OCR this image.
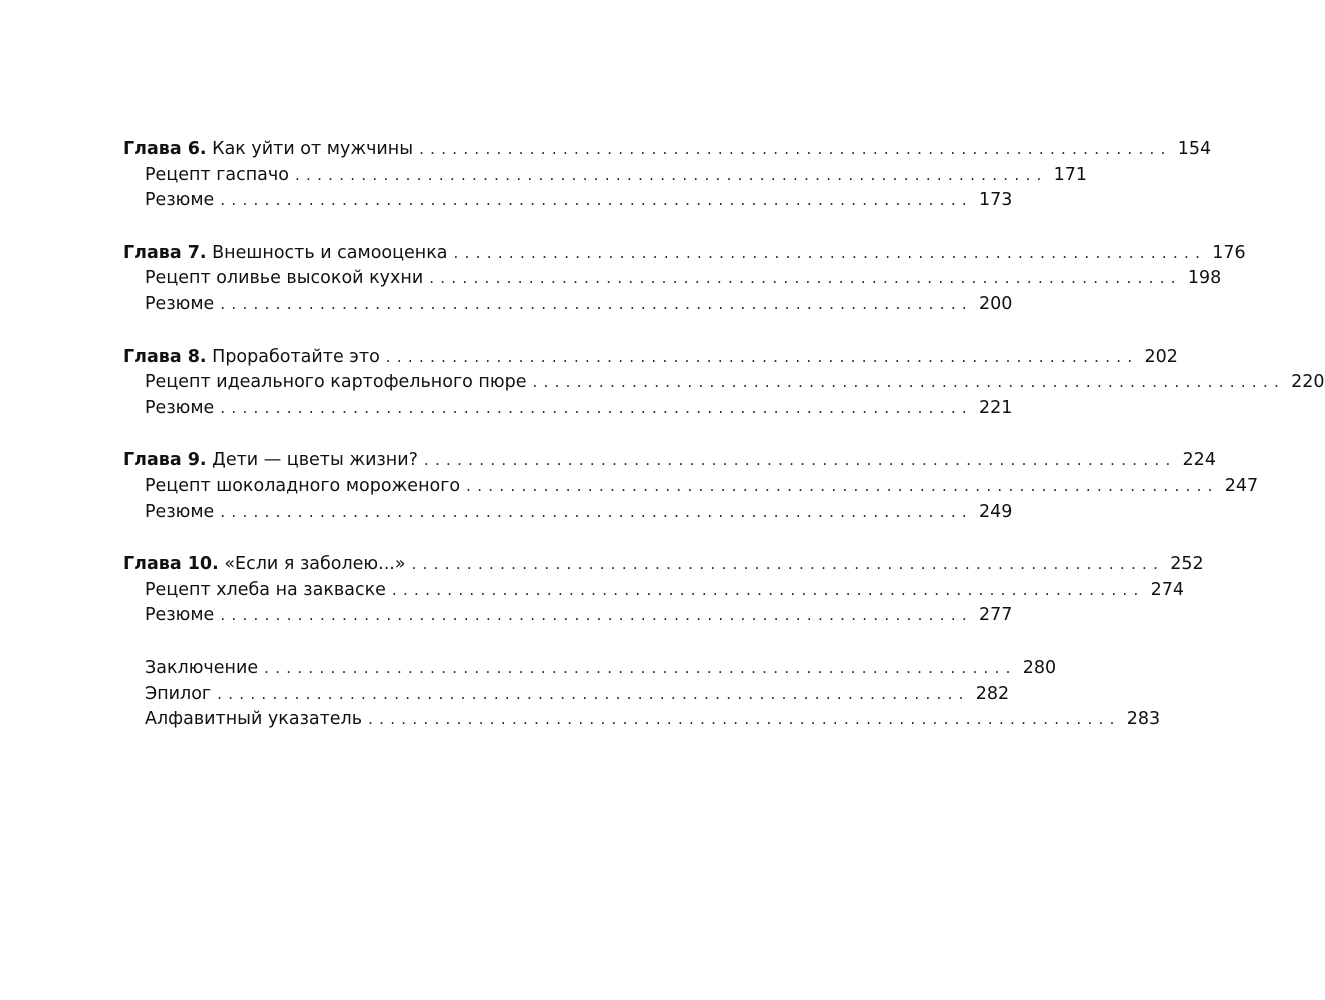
Глава 6. Как уйти от мужчины .................................................................... 154
Рецепт гаспачо .................................................................... 171
Резюме .................................................................... 173
Глава 7. Внешность и самооценка .................................................................... 176
Рецепт оливье высокой кухни .................................................................... 198
Резюме .................................................................... 200
Глава 8. Проработайте это .................................................................... 202
Рецепт идеального картофельного пюре .................................................................... 220
Резюме .................................................................... 221
Глава 9. Дети — цветы жизни? .................................................................... 224
Рецепт шоколадного мороженого .................................................................... 247
Резюме .................................................................... 249
Глава 10. «Если я заболею...» .................................................................... 252
Рецепт хлеба на закваске .................................................................... 274
Резюме .................................................................... 277
Заключение .................................................................... 280
Эпилог .................................................................... 282
Алфавитный указатель .................................................................... 283
